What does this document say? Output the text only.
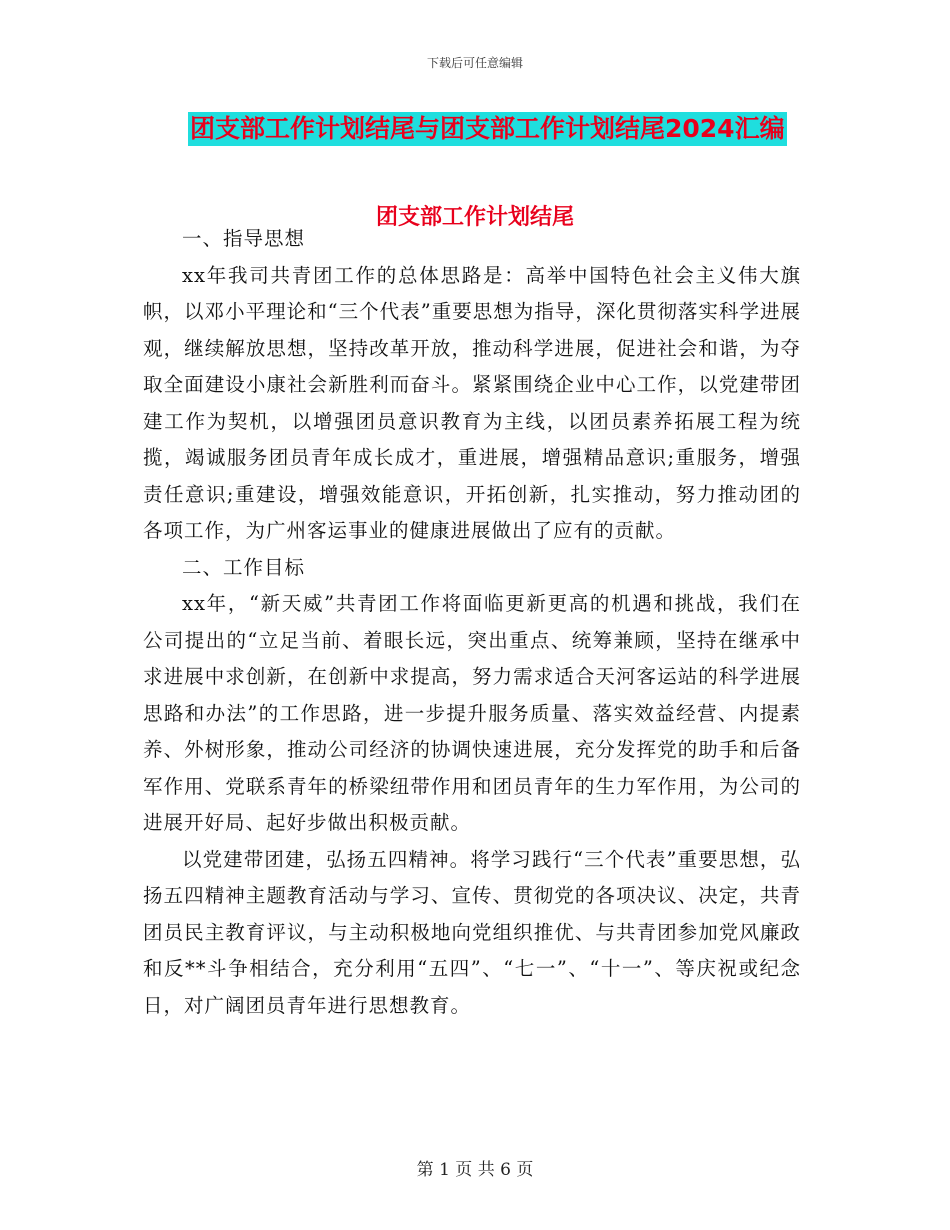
下载后可任意编辑
团支部工作计划结尾与团支部工作计划结尾2024汇编
团支部工作计划结尾

一、指导思想

xx年我司共青团工作的总体思路是：高举中国特色社会主义伟大旗帜，以邓小平理论和“三个代表”重要思想为指导，深化贯彻落实科学进展观，继续解放思想，坚持改革开放，推动科学进展，促进社会和谐，为夺取全面建设小康社会新胜利而奋斗。紧紧围绕企业中心工作，以党建带团建工作为契机，以增强团员意识教育为主线，以团员素养拓展工程为统揽，竭诚服务团员青年成长成才，重进展，增强精品意识;重服务，增强责任意识;重建设，增强效能意识，开拓创新，扎实推动，努力推动团的各项工作，为广州客运事业的健康进展做出了应有的贡献。

二、工作目标

xx年，“新天威”共青团工作将面临更新更高的机遇和挑战，我们在公司提出的“立足当前、着眼长远，突出重点、统筹兼顾，坚持在继承中求进展中求创新，在创新中求提高，努力需求适合天河客运站的科学进展思路和办法”的工作思路，进一步提升服务质量、落实效益经营、内提素养、外树形象，推动公司经济的协调快速进展，充分发挥党的助手和后备军作用、党联系青年的桥梁纽带作用和团员青年的生力军作用，为公司的进展开好局、起好步做出积极贡献。

以党建带团建，弘扬五四精神。将学习践行“三个代表”重要思想，弘扬五四精神主题教育活动与学习、宣传、贯彻党的各项决议、决定，共青团员民主教育评议，与主动积极地向党组织推优、与共青团参加党风廉政和反**斗争相结合，充分利用“五四”、“七一”、“十一”、等庆祝或纪念日，对广阔团员青年进行思想教育。

第 1 页 共 6 页
